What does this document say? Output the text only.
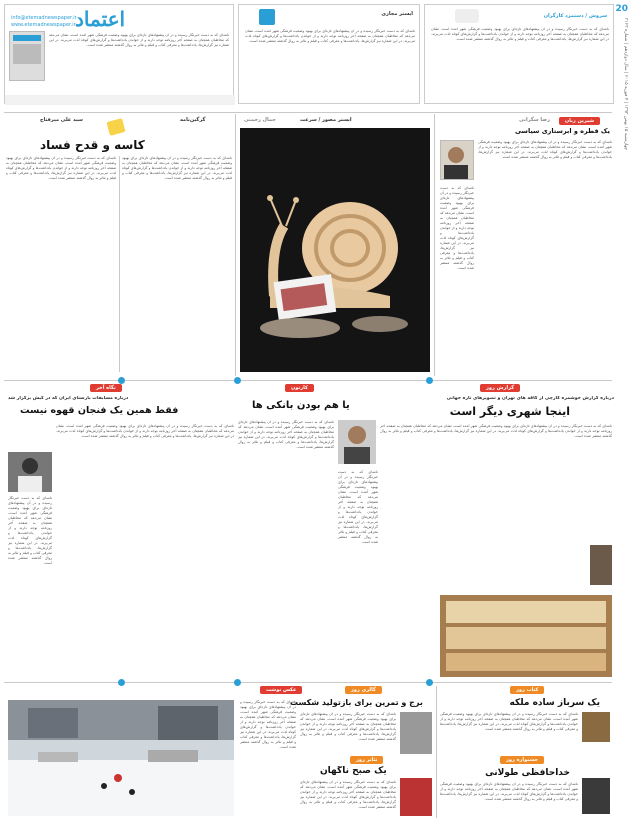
اعتماد
info@etemadnewspaper.ir
www.etemadnewspaper.ir
نامه‌ای که به دست خبرنگار رسیده و در آن پیشنهادهای تازه‌ای برای بهبود وضعیت فرهنگی شهر آمده است، نشان می‌دهد که مخاطبان همچنان به صفحه آخر روزنامه توجه دارند و از خواندن یادداشت‌ها و گزارش‌های کوتاه لذت می‌برند. در این شماره نیز گزارش‌ها، یادداشت‌ها و معرفی کتاب و فیلم و تئاتر به روال گذشته منتشر شده است.
ایستر مجازی
نامه‌ای که به دست خبرنگار رسیده و در آن پیشنهادهای تازه‌ای برای بهبود وضعیت فرهنگی شهر آمده است، نشان می‌دهد که مخاطبان همچنان به صفحه آخر روزنامه توجه دارند و از خواندن یادداشت‌ها و گزارش‌های کوتاه لذت می‌برند. در این شماره نیز گزارش‌ها، یادداشت‌ها و معرفی کتاب و فیلم و تئاتر به روال گذشته منتشر شده است.
سروش / دستمزد کارگران
نامه‌ای که به دست خبرنگار رسیده و در آن پیشنهادهای تازه‌ای برای بهبود وضعیت فرهنگی شهر آمده است، نشان می‌دهد که مخاطبان همچنان به صفحه آخر روزنامه توجه دارند و از خواندن یادداشت‌ها و گزارش‌های کوتاه لذت می‌برند. در این شماره نیز گزارش‌ها، یادداشت‌ها و معرفی کتاب و فیلم و تئاتر به روال گذشته منتشر شده است.
20
چهارشنبه ۱۵ بهمن ۱۳۹۳ | ۴ فوریه ۲۰۱۵ | سال دوازدهم | شماره ۳۱۲۳
سید علی میرفتاح	گرگین‌نامه
کاسه و قدح فساد
نامه‌ای که به دست خبرنگار رسیده و در آن پیشنهادهای تازه‌ای برای بهبود وضعیت فرهنگی شهر آمده است، نشان می‌دهد که مخاطبان همچنان به صفحه آخر روزنامه توجه دارند و از خواندن یادداشت‌ها و گزارش‌های کوتاه لذت می‌برند. در این شماره نیز گزارش‌ها، یادداشت‌ها و معرفی کتاب و فیلم و تئاتر به روال گذشته منتشر شده است.
نامه‌ای که به دست خبرنگار رسیده و در آن پیشنهادهای تازه‌ای برای بهبود وضعیت فرهنگی شهر آمده است، نشان می‌دهد که مخاطبان همچنان به صفحه آخر روزنامه توجه دارند و از خواندن یادداشت‌ها و گزارش‌های کوتاه لذت می‌برند. در این شماره نیز گزارش‌ها، یادداشت‌ها و معرفی کتاب و فیلم و تئاتر به روال گذشته منتشر شده است.
ایستر مصور / سرعت
جمال رحمتی	شیرین زبان
رضا سگرانی
یک قطره و ابرستاری سیاسی
نامه‌ای که به دست خبرنگار رسیده و در آن پیشنهادهای تازه‌ای برای بهبود وضعیت فرهنگی شهر آمده است، نشان می‌دهد که مخاطبان همچنان به صفحه آخر روزنامه توجه دارند و از خواندن یادداشت‌ها و گزارش‌های کوتاه لذت می‌برند. در این شماره نیز گزارش‌ها، یادداشت‌ها و معرفی کتاب و فیلم و تئاتر به روال گذشته منتشر شده است.
نامه‌ای که به دست خبرنگار رسیده و در آن پیشنهادهای تازه‌ای برای بهبود وضعیت فرهنگی شهر آمده است، نشان می‌دهد که مخاطبان همچنان به صفحه آخر روزنامه توجه دارند و از خواندن یادداشت‌ها و گزارش‌های کوتاه لذت می‌برند. در این شماره نیز گزارش‌ها، یادداشت‌ها و معرفی کتاب و فیلم و تئاتر به روال گذشته منتشر شده است.
گزارش روز
درباره گزارش خوشمزه کارچی از کافه های تهران و تصویرهای تازه جهانی
اینجا شهری دیگر است
نامه‌ای که به دست خبرنگار رسیده و در آن پیشنهادهای تازه‌ای برای بهبود وضعیت فرهنگی شهر آمده است، نشان می‌دهد که مخاطبان همچنان به صفحه آخر روزنامه توجه دارند و از خواندن یادداشت‌ها و گزارش‌های کوتاه لذت می‌برند. در این شماره نیز گزارش‌ها، یادداشت‌ها و معرفی کتاب و فیلم و تئاتر به روال گذشته منتشر شده است.
کارتون
یا هم بودن بانکی ها
نامه‌ای که به دست خبرنگار رسیده و در آن پیشنهادهای تازه‌ای برای بهبود وضعیت فرهنگی شهر آمده است، نشان می‌دهد که مخاطبان همچنان به صفحه آخر روزنامه توجه دارند و از خواندن یادداشت‌ها و گزارش‌های کوتاه لذت می‌برند. در این شماره نیز گزارش‌ها، یادداشت‌ها و معرفی کتاب و فیلم و تئاتر به روال گذشته منتشر شده است.
نامه‌ای که به دست خبرنگار رسیده و در آن پیشنهادهای تازه‌ای برای بهبود وضعیت فرهنگی شهر آمده است، نشان می‌دهد که مخاطبان همچنان به صفحه آخر روزنامه توجه دارند و از خواندن یادداشت‌ها و گزارش‌های کوتاه لذت می‌برند. در این شماره نیز گزارش‌ها، یادداشت‌ها و معرفی کتاب و فیلم و تئاتر به روال گذشته منتشر شده است.
نگاه آخر
درباره مسابقات بارستای ایران که در کیش برگزار شد
فقط همین یک فنجان قهوه نیست
نامه‌ای که به دست خبرنگار رسیده و در آن پیشنهادهای تازه‌ای برای بهبود وضعیت فرهنگی شهر آمده است، نشان می‌دهد که مخاطبان همچنان به صفحه آخر روزنامه توجه دارند و از خواندن یادداشت‌ها و گزارش‌های کوتاه لذت می‌برند. در این شماره نیز گزارش‌ها، یادداشت‌ها و معرفی کتاب و فیلم و تئاتر به روال گذشته منتشر شده است.
نامه‌ای که به دست خبرنگار رسیده و در آن پیشنهادهای تازه‌ای برای بهبود وضعیت فرهنگی شهر آمده است، نشان می‌دهد که مخاطبان همچنان به صفحه آخر روزنامه توجه دارند و از خواندن یادداشت‌ها و گزارش‌های کوتاه لذت می‌برند. در این شماره نیز گزارش‌ها، یادداشت‌ها و معرفی کتاب و فیلم و تئاتر به روال گذشته منتشر شده است.
کتاب روز
یک سرباز ساده ملکه
نامه‌ای که به دست خبرنگار رسیده و در آن پیشنهادهای تازه‌ای برای بهبود وضعیت فرهنگی شهر آمده است، نشان می‌دهد که مخاطبان همچنان به صفحه آخر روزنامه توجه دارند و از خواندن یادداشت‌ها و گزارش‌های کوتاه لذت می‌برند. در این شماره نیز گزارش‌ها، یادداشت‌ها و معرفی کتاب و فیلم و تئاتر به روال گذشته منتشر شده است.
جشنواره روز
خداحافظی طولانی
نامه‌ای که به دست خبرنگار رسیده و در آن پیشنهادهای تازه‌ای برای بهبود وضعیت فرهنگی شهر آمده است، نشان می‌دهد که مخاطبان همچنان به صفحه آخر روزنامه توجه دارند و از خواندن یادداشت‌ها و گزارش‌های کوتاه لذت می‌برند. در این شماره نیز گزارش‌ها، یادداشت‌ها و معرفی کتاب و فیلم و تئاتر به روال گذشته منتشر شده است.
گالری روز
برج و تمرین برای بازتولید شکست
نامه‌ای که به دست خبرنگار رسیده و در آن پیشنهادهای تازه‌ای برای بهبود وضعیت فرهنگی شهر آمده است، نشان می‌دهد که مخاطبان همچنان به صفحه آخر روزنامه توجه دارند و از خواندن یادداشت‌ها و گزارش‌های کوتاه لذت می‌برند. در این شماره نیز گزارش‌ها، یادداشت‌ها و معرفی کتاب و فیلم و تئاتر به روال گذشته منتشر شده است.
تئاتر روز
یک صبح ناگهان
نامه‌ای که به دست خبرنگار رسیده و در آن پیشنهادهای تازه‌ای برای بهبود وضعیت فرهنگی شهر آمده است، نشان می‌دهد که مخاطبان همچنان به صفحه آخر روزنامه توجه دارند و از خواندن یادداشت‌ها و گزارش‌های کوتاه لذت می‌برند. در این شماره نیز گزارش‌ها، یادداشت‌ها و معرفی کتاب و فیلم و تئاتر به روال گذشته منتشر شده است.
عکس نوشت
نامه‌ای که به دست خبرنگار رسیده و در آن پیشنهادهای تازه‌ای برای بهبود وضعیت فرهنگی شهر آمده است، نشان می‌دهد که مخاطبان همچنان به صفحه آخر روزنامه توجه دارند و از خواندن یادداشت‌ها و گزارش‌های کوتاه لذت می‌برند. در این شماره نیز گزارش‌ها، یادداشت‌ها و معرفی کتاب و فیلم و تئاتر به روال گذشته منتشر شده است.
